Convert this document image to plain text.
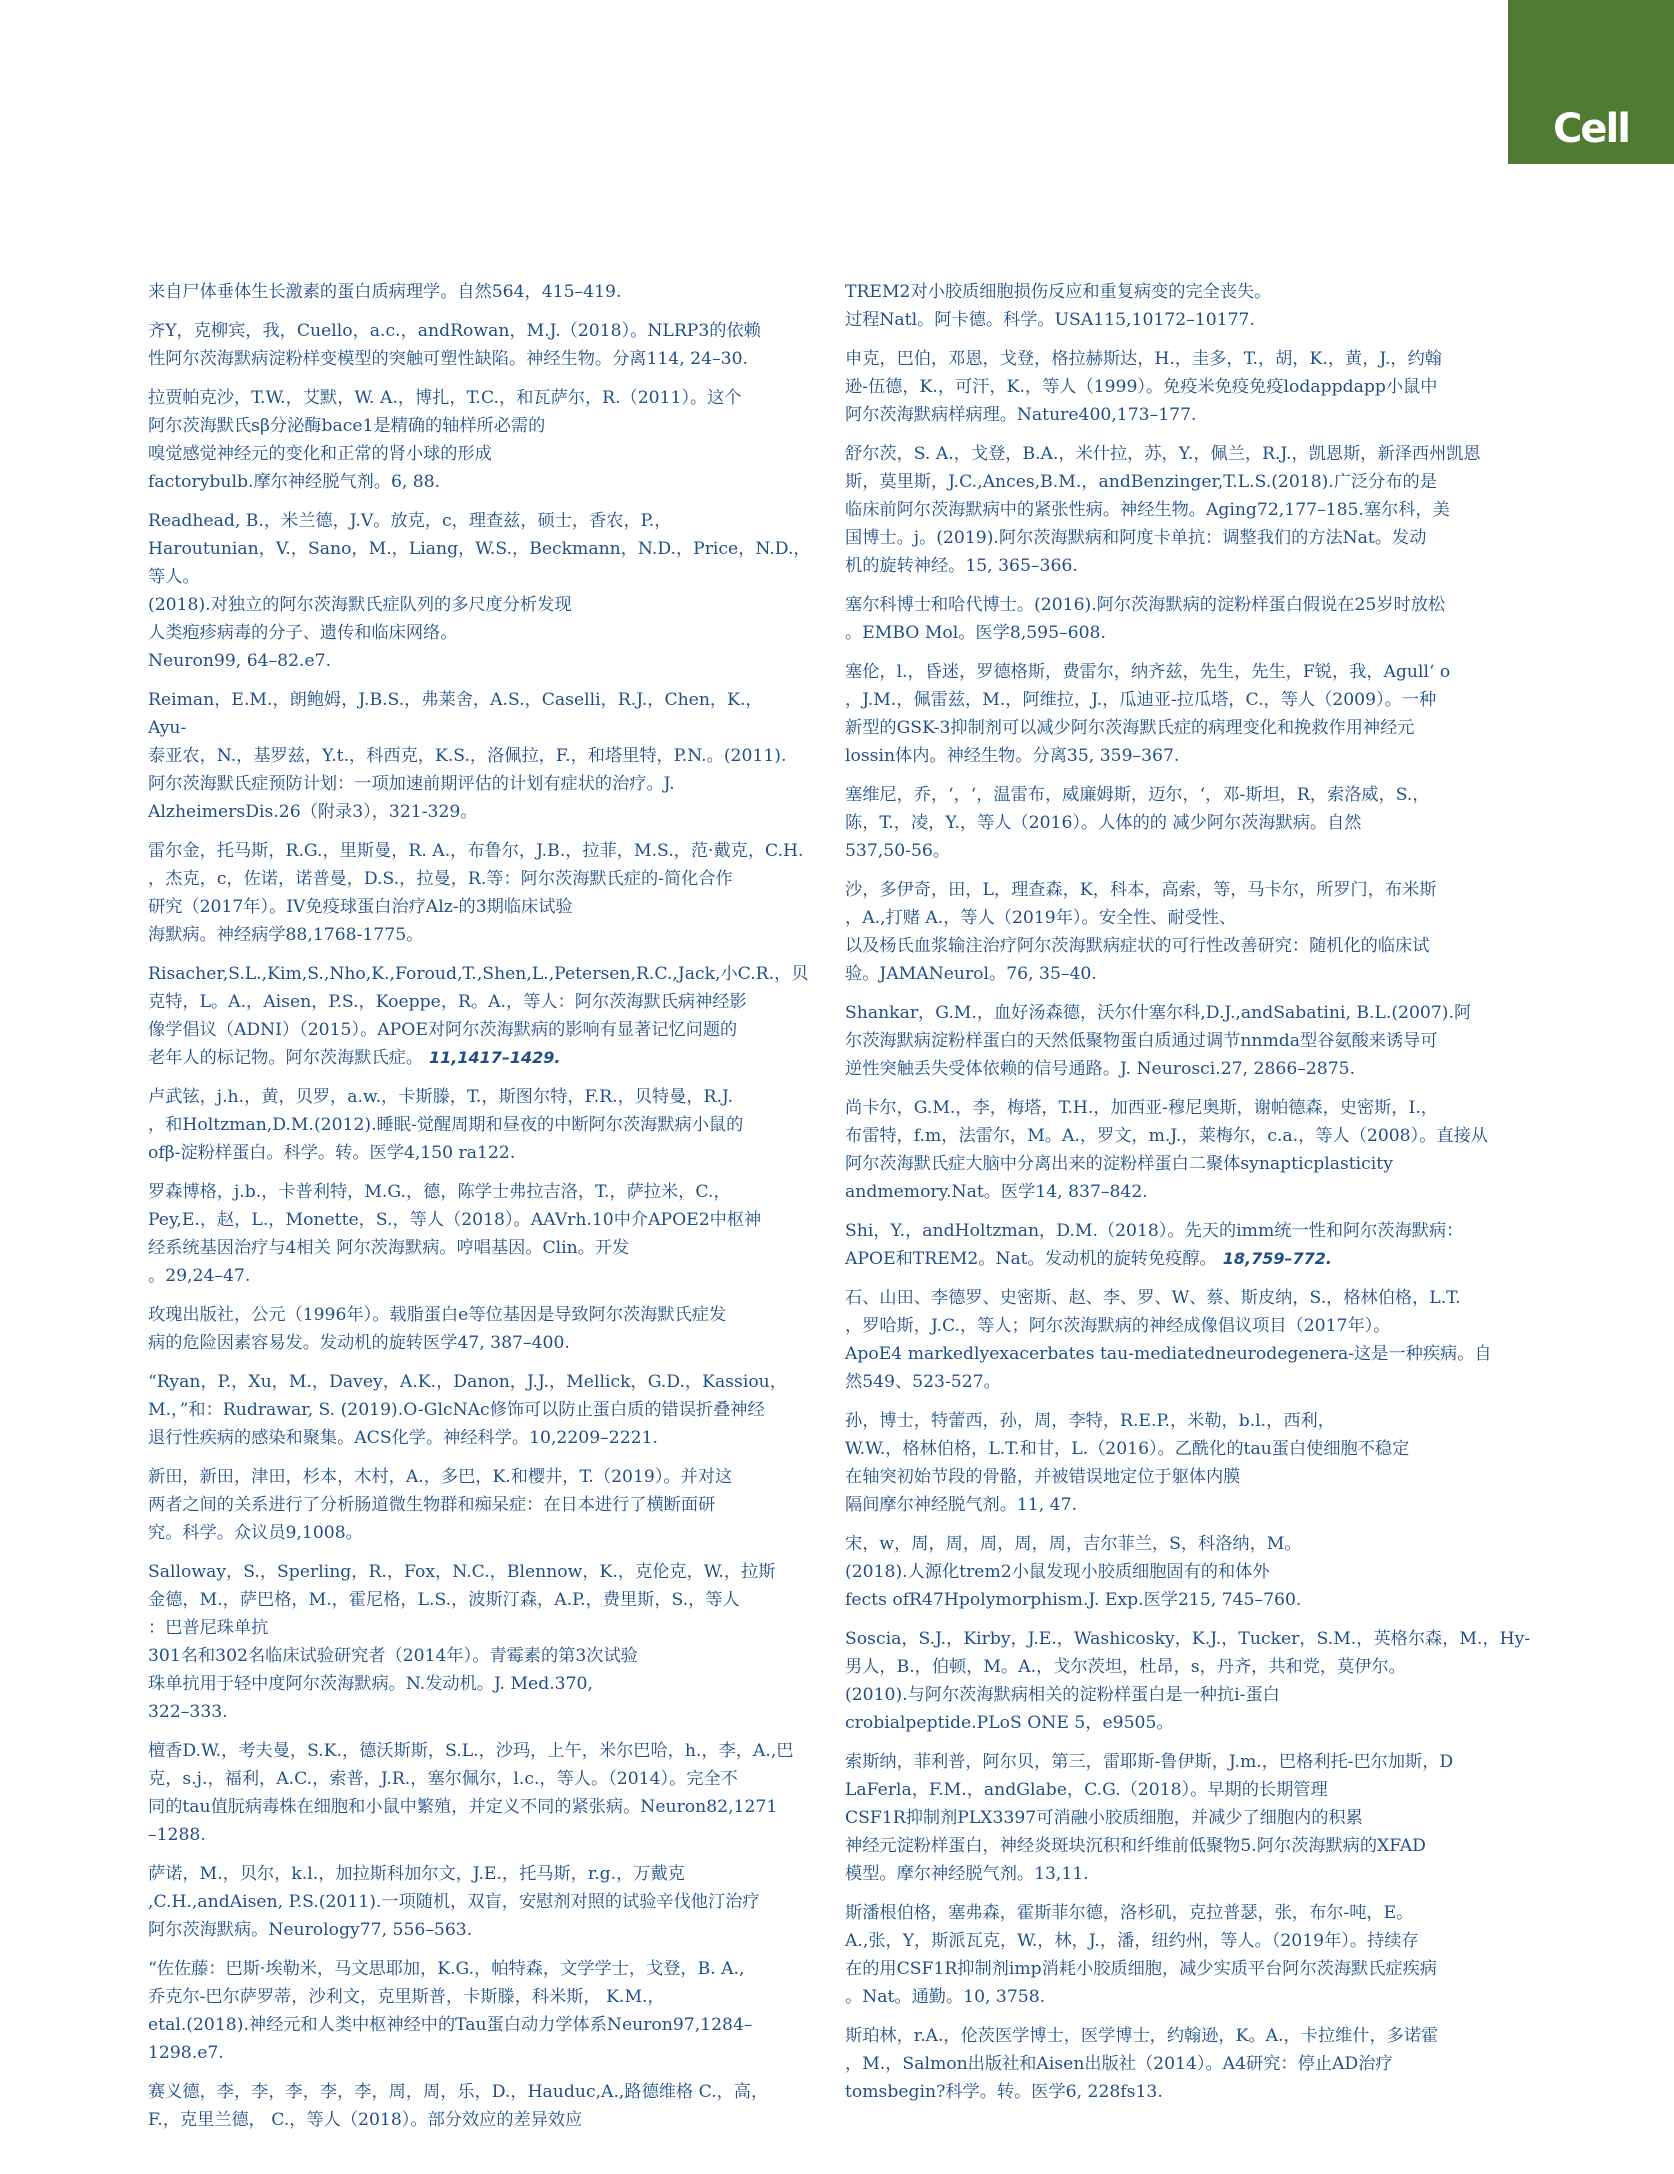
Cell
来自尸体垂体生长激素的蛋白质病理学。自然564，415–419.
齐Y，克柳宾，我，Cuello，a.c.，andRowan，M.J.（2018）。NLRP3的依赖
性阿尔茨海默病淀粉样变模型的突触可塑性缺陷。神经生物。分离114, 24–30.
拉贾帕克沙，T.W.，艾默，W. A.，博扎，T.C.，和瓦萨尔，R.（2011）。这个
阿尔茨海默氏sβ分泌酶bace1是精确的轴样所必需的
嗅觉感觉神经元的变化和正常的肾小球的形成
factorybulb.摩尔神经脱气剂。6, 88.
Readhead, B.，米兰德，J.V。放克，c，理查兹，硕士，香农，P.，
Haroutunian，V.，Sano，M.，Liang，W.S.，Beckmann，N.D.，Price，N.D.，
等人。
(2018).对独立的阿尔茨海默氏症队列的多尺度分析发现
人类疱疹病毒的分子、遗传和临床网络。
Neuron99, 64–82.e7.
Reiman，E.M.，朗鲍姆，J.B.S.，弗莱舍，A.S.，Caselli，R.J.，Chen，K.，
Ayu-
泰亚农，N.，基罗兹，Y.t.，科西克，K.S.，洛佩拉，F.，和塔里特，P.N.。(2011).
阿尔茨海默氏症预防计划：一项加速前期评估的计划有症状的治疗。J.
AlzheimersDis.26（附录3），321-329。
雷尔金，托马斯，R.G.，里斯曼，R. A.，布鲁尔，J.B.，拉菲，M.S.，范·戴克，C.H.
，杰克，c，佐诺，诺普曼，D.S.，拉曼，R.等：阿尔茨海默氏症的-简化合作
研究（2017年）。IV免疫球蛋白治疗Alz-的3期临床试验
海默病。神经病学88,1768-1775。
Risacher,S.L.,Kim,S.,Nho,K.,Foroud,T.,Shen,L.,Petersen,R.C.,Jack,小C.R.，贝
克特，L。A.，Aisen，P.S.，Koeppe，R。A.，等人：阿尔茨海默氏病神经影
像学倡议（ADNI）（2015）。APOE对阿尔茨海默病的影响有显著记忆问题的
老年人的标记物。阿尔茨海默氏症。 11,1417–1429.
卢武铉，j.h.，黄，贝罗，a.w.，卡斯滕，T.，斯图尔特，F.R.，贝特曼，R.J.
，和Holtzman,D.M.(2012).睡眠-觉醒周期和昼夜的中断阿尔茨海默病小鼠的
ofβ-淀粉样蛋白。科学。转。医学4,150 ra122.
罗森博格，j.b.，卡普利特，M.G.，德，陈学士弗拉吉洛，T.，萨拉米，C.，
Pey,E.，赵，L.，Monette，S.，等人（2018）。AAVrh.10中介APOE2中枢神
经系统基因治疗与4相关 阿尔茨海默病。哼唱基因。Clin。开发
。29,24–47.
玫瑰出版社，公元（1996年）。载脂蛋白e等位基因是导致阿尔茨海默氏症发
病的危险因素容易发。发动机的旋转医学47, 387–400.
“Ryan，P.，Xu，M.，Davey，A.K.，Danon，J.J.，Mellick，G.D.，Kassiou，
M.，”和：Rudrawar, S. (2019).O-GlcNAc修饰可以防止蛋白质的错误折叠神经
退行性疾病的感染和聚集。ACS化学。神经科学。10,2209–2221.
新田，新田，津田，杉本，木村，A.，多巴，K.和樱井，T.（2019）。并对这
两者之间的关系进行了分析肠道微生物群和痴呆症：在日本进行了横断面研
究。科学。众议员9,1008。
Salloway，S.，Sperling，R.，Fox，N.C.，Blennow，K.，克伦克，W.，拉斯
金德，M.，萨巴格，M.，霍尼格，L.S.，波斯汀森，A.P.，费里斯，S.，等人
：巴普尼珠单抗
301名和302名临床试验研究者（2014年）。青霉素的第3次试验
珠单抗用于轻中度阿尔茨海默病。N.发动机。J. Med.370,
322–333.
檀香D.W.，考夫曼，S.K.，德沃斯斯，S.L.，沙玛，上午，米尔巴哈，h.，李，A.,巴
克，s.j.，福利，A.C.，索普，J.R.，塞尔佩尔，l.c.，等人。（2014）。完全不
同的tau值朊病毒株在细胞和小鼠中繁殖，并定义不同的紧张病。Neuron82,1271
–1288.
萨诺，M.，贝尔，k.l.，加拉斯科加尔文，J.E.，托马斯，r.g.，万戴克
,C.H.,andAisen, P.S.(2011).一项随机，双盲，安慰剂对照的试验辛伐他汀治疗
阿尔茨海默病。Neurology77, 556–563.
“佐佐藤：巴斯·埃勒米，马文思耶加，K.G.，帕特森，文学学士，戈登，B. A.,
乔克尔-巴尔萨罗蒂，沙利文，克里斯普，卡斯滕，科米斯， K.M.，
etal.(2018).神经元和人类中枢神经中的Tau蛋白动力学体系Neuron97,1284–
1298.e7.
赛义德，李，李，李，李，李，周，周，乐，D.，Hauduc,A.,路德维格 C.，高，
F.，克里兰德， C.，等人（2018）。部分效应的差异效应
TREM2对小胶质细胞损伤反应和重复病变的完全丧失。
过程Natl。阿卡德。科学。USA115,10172–10177.
申克，巴伯，邓恩，戈登，格拉赫斯达，H.，圭多，T.，胡，K.，黄，J.，约翰
逊-伍德，K.，可汗，K.，等人（1999）。免疫米免疫免疫lodappdapp小鼠中
阿尔茨海默病样病理。Nature400,173–177.
舒尔茨，S. A.，戈登，B.A.，米什拉，苏，Y.，佩兰，R.J.，凯恩斯，新泽西州凯恩
斯，莫里斯，J.C.,Ances,B.M.，andBenzinger,T.L.S.(2018).广泛分布的是
临床前阿尔茨海默病中的紧张性病。神经生物。Aging72,177–185.塞尔科，美
国博士。j。(2019).阿尔茨海默病和阿度卡单抗：调整我们的方法Nat。发动
机的旋转神经。15, 365–366.
塞尔科博士和哈代博士。(2016).阿尔茨海默病的淀粉样蛋白假说在25岁时放松
。EMBO Mol。医学8,595–608.
塞伦，l.，昏迷，罗德格斯，费雷尔，纳齐兹，先生，先生，F锐，我，Agull‘ o
，J.M.，佩雷兹，M.，阿维拉，J.，瓜迪亚-拉瓜塔，C.，等人（2009）。一种
新型的GSK-3抑制剂可以减少阿尔茨海默氏症的病理变化和挽救作用神经元
lossin体内。神经生物。分离35, 359–367.
塞维尼，乔，‘，‘，温雷布，威廉姆斯，迈尔，‘，邓-斯坦，R，索洛威，S.，
陈，T.，凌，Y.，等人（2016）。人体的的 减少阿尔茨海默病。自然
537,50-56。
沙，多伊奇，田，L，理查森，K，科本，高索，等，马卡尔，所罗门，布米斯
，A.,打赌 A.，等人（2019年）。安全性、耐受性、
以及杨氏血浆输注治疗阿尔茨海默病症状的可行性改善研究：随机化的临床试
验。JAMANeurol。76, 35–40.
Shankar，G.M.，血好汤森德，沃尔什塞尔科,D.J.,andSabatini, B.L.(2007).阿
尔茨海默病淀粉样蛋白的天然低聚物蛋白质通过调节nnmda型谷氨酸来诱导可
逆性突触丢失受体依赖的信号通路。J. Neurosci.27, 2866–2875.
尚卡尔，G.M.，李，梅塔，T.H.，加西亚-穆尼奥斯，谢帕德森，史密斯，I.，
布雷特，f.m，法雷尔，M。A.，罗文，m.J.，莱梅尔，c.a.，等人（2008）。直接从
阿尔茨海默氏症大脑中分离出来的淀粉样蛋白二聚体synapticplasticity
andmemory.Nat。医学14, 837–842.
Shi，Y.，andHoltzman，D.M.（2018）。先天的imm统一性和阿尔茨海默病：
APOE和TREM2。Nat。发动机的旋转免疫醇。 18,759–772.
石、山田、李德罗、史密斯、赵、李、罗、W、蔡、斯皮纳，S.，格林伯格，L.T.
，罗哈斯，J.C.，等人；阿尔茨海默病的神经成像倡议项目（2017年）。
ApoE4 markedlyexacerbates tau-mediatedneurodegenera-这是一种疾病。自
然549、523-527。
孙，博士，特蕾西，孙，周，李特，R.E.P.，米勒，b.l.，西利，
W.W.，格林伯格，L.T.和甘，L.（2016）。乙酰化的tau蛋白使细胞不稳定
在轴突初始节段的骨骼，并被错误地定位于躯体内膜
隔间摩尔神经脱气剂。11, 47.
宋，w，周，周，周，周，周，吉尔菲兰，S，科洛纳，M。
(2018).人源化trem2小鼠发现小胶质细胞固有的和体外
fects ofR47Hpolymorphism.J. Exp.医学215, 745–760.
Soscia，S.J.，Kirby，J.E.，Washicosky，K.J.，Tucker，S.M.，英格尔森，M.，Hy-
男人，B.，伯顿，M。A.，戈尔茨坦，杜昂，s，丹齐，共和党，莫伊尔。
(2010).与阿尔茨海默病相关的淀粉样蛋白是一种抗i-蛋白
crobialpeptide.PLoS ONE 5，e9505。
索斯纳，菲利普，阿尔贝，第三，雷耶斯-鲁伊斯，J.m.，巴格利托-巴尔加斯，D
LaFerla，F.M.，andGlabe，C.G.（2018）。早期的长期管理
CSF1R抑制剂PLX3397可消融小胶质细胞，并减少了细胞内的积累
神经元淀粉样蛋白，神经炎斑块沉积和纤维前低聚物5.阿尔茨海默病的XFAD
模型。摩尔神经脱气剂。13,11.
斯潘根伯格，塞弗森，霍斯菲尔德，洛杉矶，克拉普瑟，张，布尔-吨，E。
A.,张，Y，斯派瓦克，W.，林，J.，潘，纽约州，等人。（2019年）。持续存
在的用CSF1R抑制剂imp消耗小胶质细胞，减少实质平台阿尔茨海默氏症疾病
。Nat。通勤。10, 3758.
斯珀林，r.A.，伦茨医学博士，医学博士，约翰逊，K。A.，卡拉维什，多诺霍
，M.，Salmon出版社和Aisen出版社（2014）。A4研究：停止AD治疗
tomsbegin?科学。转。医学6, 228fs13.
